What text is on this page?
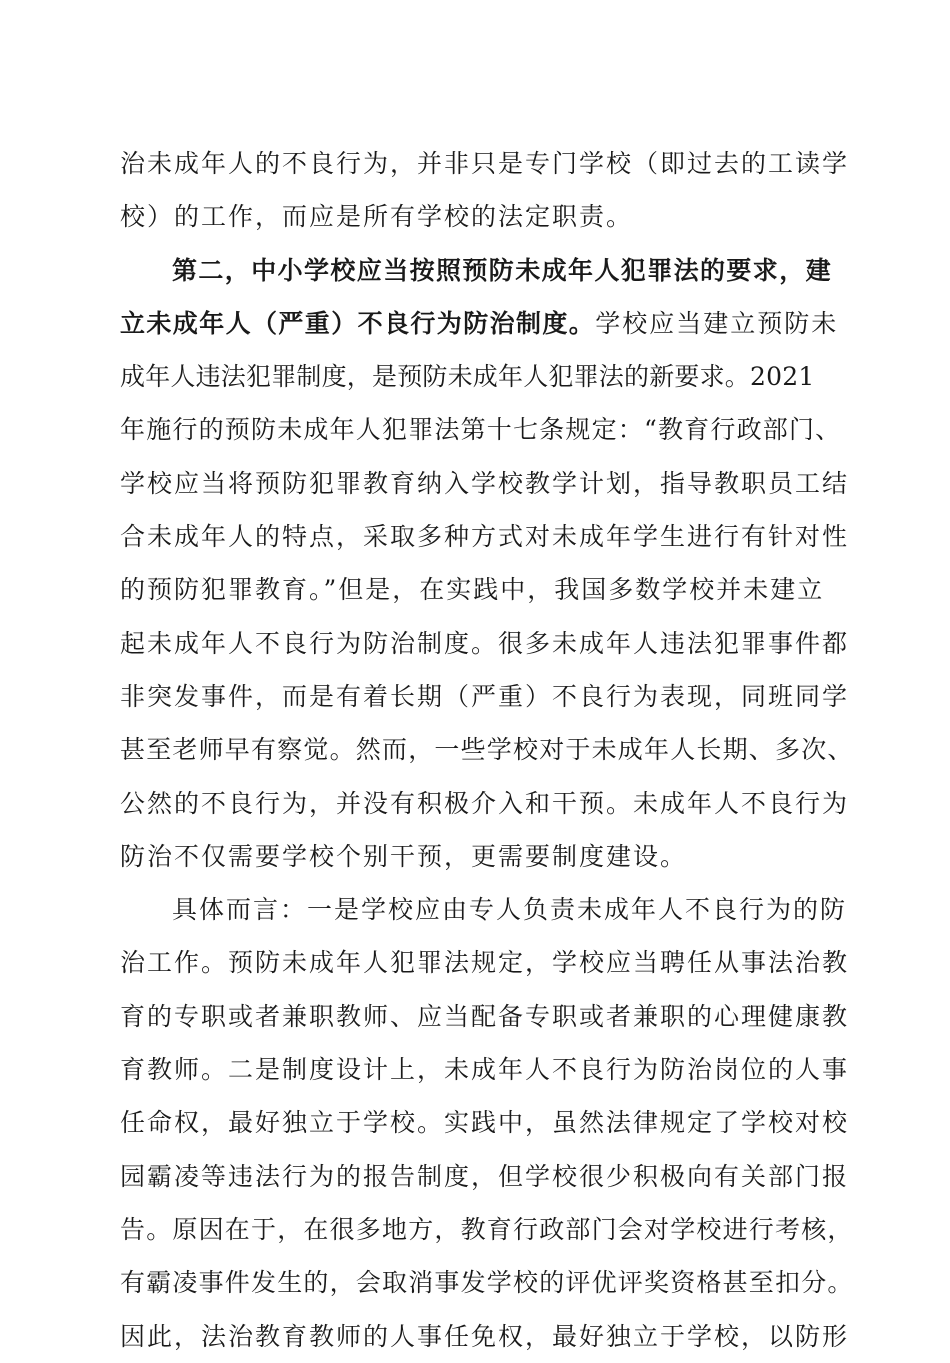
治未成年人的不良行为，并非只是专门学校（即过去的工读学
校）的工作，而应是所有学校的法定职责。
第二，中小学校应当按照预防未成年人犯罪法的要求，建
立未成年人（严重）不良行为防治制度。学校应当建立预防未
成年人违法犯罪制度，是预防未成年人犯罪法的新要求。2021
年施行的预防未成年人犯罪法第十七条规定：“教育行政部门、
学校应当将预防犯罪教育纳入学校教学计划，指导教职员工结
合未成年人的特点，采取多种方式对未成年学生进行有针对性
的预防犯罪教育。”但是，在实践中，我国多数学校并未建立
起未成年人不良行为防治制度。很多未成年人违法犯罪事件都
非突发事件，而是有着长期（严重）不良行为表现，同班同学
甚至老师早有察觉。然而，一些学校对于未成年人长期、多次、
公然的不良行为，并没有积极介入和干预。未成年人不良行为
防治不仅需要学校个别干预，更需要制度建设。
具体而言：一是学校应由专人负责未成年人不良行为的防
治工作。预防未成年人犯罪法规定，学校应当聘任从事法治教
育的专职或者兼职教师、应当配备专职或者兼职的心理健康教
育教师。二是制度设计上，未成年人不良行为防治岗位的人事
任命权，最好独立于学校。实践中，虽然法律规定了学校对校
园霸凌等违法行为的报告制度，但学校很少积极向有关部门报
告。原因在于，在很多地方，教育行政部门会对学校进行考核，
有霸凌事件发生的，会取消事发学校的评优评奖资格甚至扣分。
因此，法治教育教师的人事任免权，最好独立于学校，以防形
